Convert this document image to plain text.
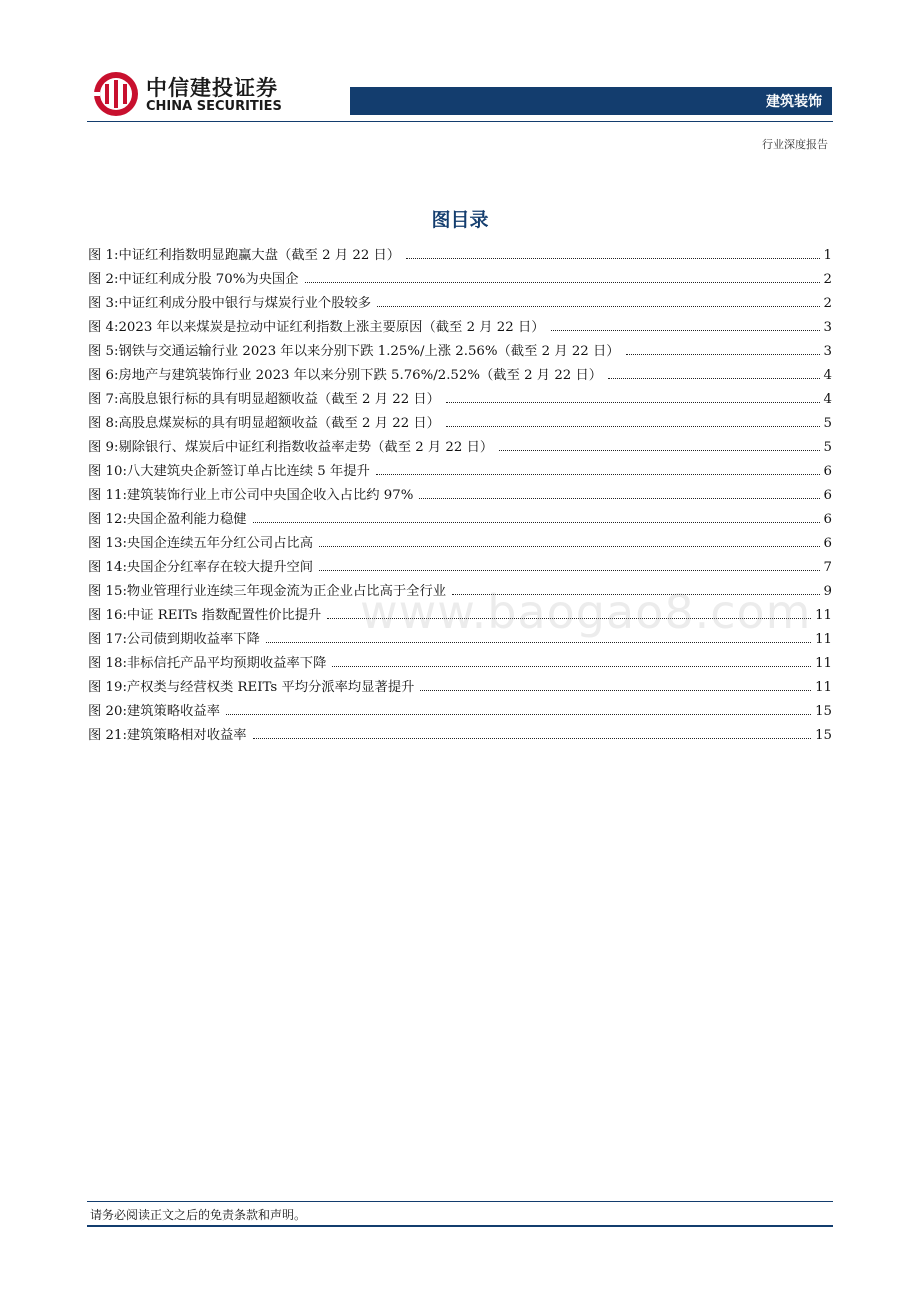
中信建投证券
CHINA SECURITIES	建筑装饰
行业深度报告
图目录
图 1:中证红利指数明显跑赢大盘（截至 2 月 22 日）	1
图 2:中证红利成分股 70%为央国企	2
图 3:中证红利成分股中银行与煤炭行业个股较多	2
图 4:2023 年以来煤炭是拉动中证红利指数上涨主要原因（截至 2 月 22 日）	3
图 5:钢铁与交通运输行业 2023 年以来分别下跌 1.25%/上涨 2.56%（截至 2 月 22 日）	3
图 6:房地产与建筑装饰行业 2023 年以来分别下跌 5.76%/2.52%（截至 2 月 22 日）	4
图 7:高股息银行标的具有明显超额收益（截至 2 月 22 日）	4
图 8:高股息煤炭标的具有明显超额收益（截至 2 月 22 日）	5
图 9:剔除银行、煤炭后中证红利指数收益率走势（截至 2 月 22 日）	5
图 10:八大建筑央企新签订单占比连续 5 年提升	6
图 11:建筑装饰行业上市公司中央国企收入占比约 97%	6
图 12:央国企盈利能力稳健	6
图 13:央国企连续五年分红公司占比高	6
图 14:央国企分红率存在较大提升空间	7
图 15:物业管理行业连续三年现金流为正企业占比高于全行业	9
图 16:中证 REITs 指数配置性价比提升	11
图 17:公司债到期收益率下降	11
图 18:非标信托产品平均预期收益率下降	11
图 19:产权类与经营权类 REITs 平均分派率均显著提升	11
图 20:建筑策略收益率	15
图 21:建筑策略相对收益率	15
www.baogao8.com
请务必阅读正文之后的免责条款和声明。
